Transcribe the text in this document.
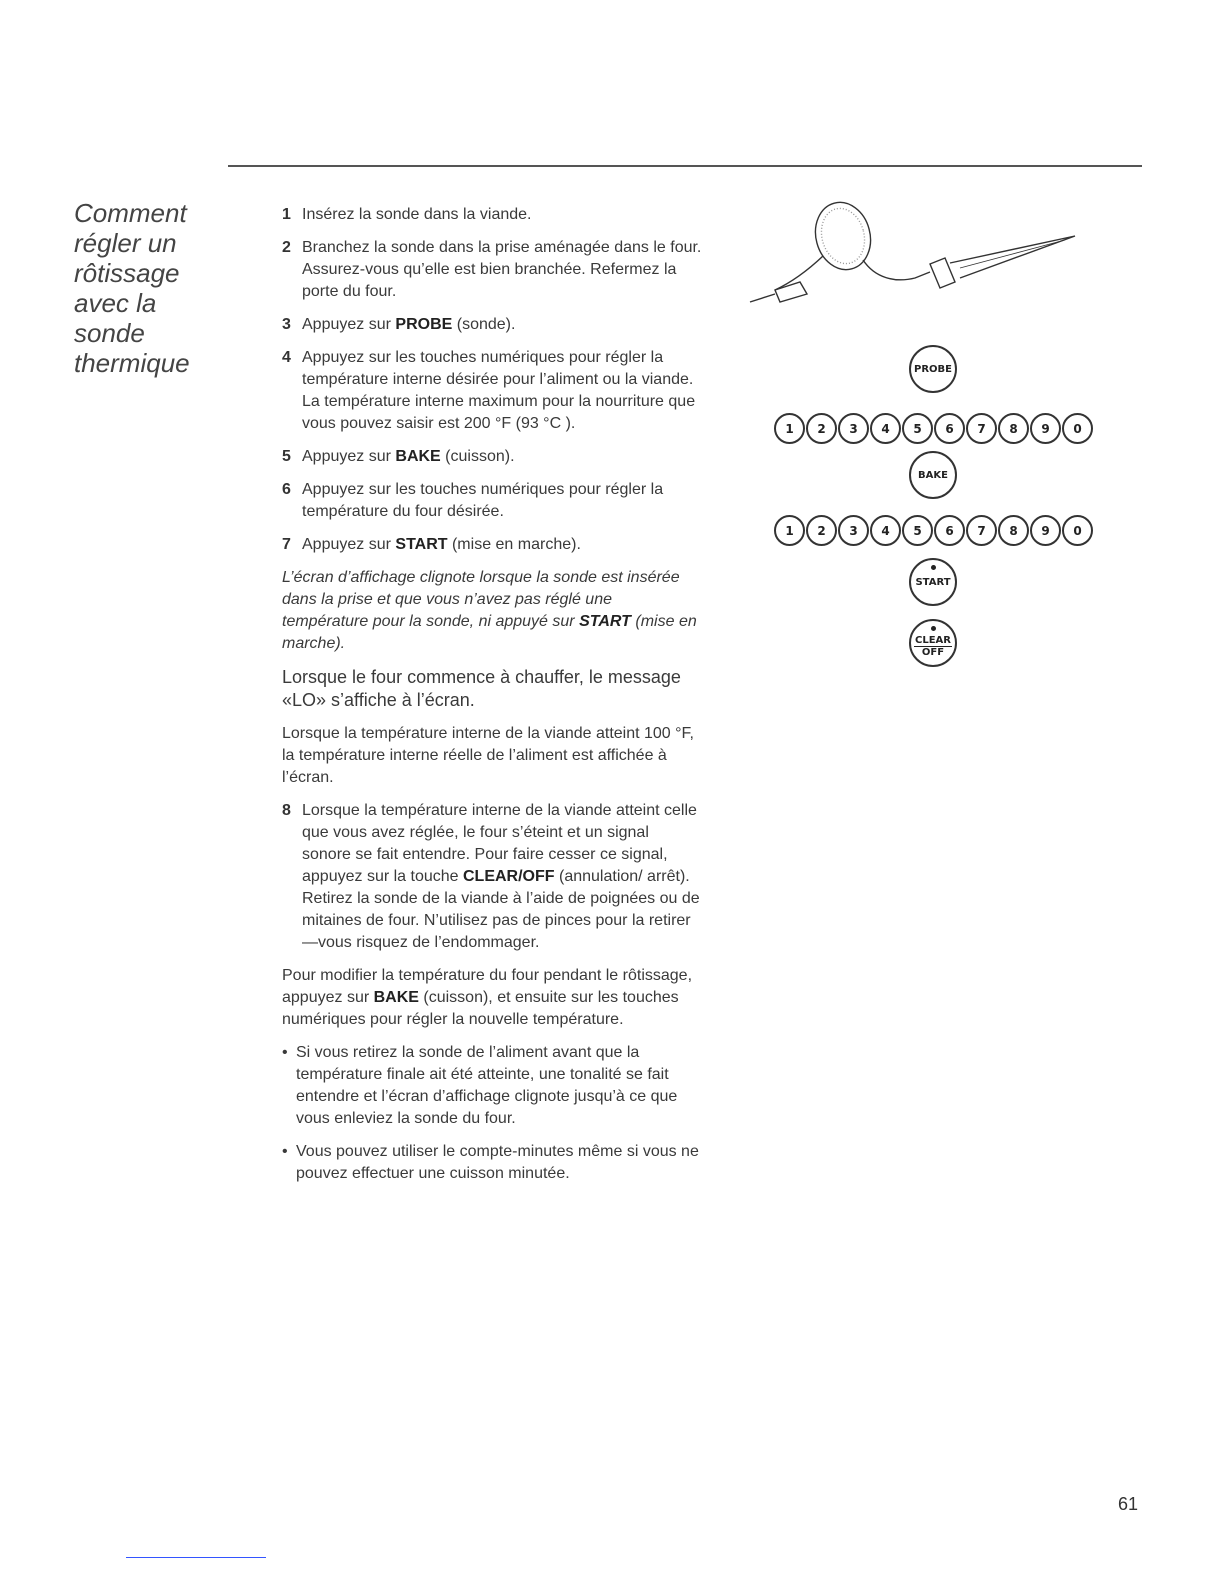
Comment
régler un
rôtissage
avec la sonde
thermique
1 Insérez la sonde dans la viande.
2 Branchez la sonde dans la prise aménagée dans le four. Assurez-vous qu’elle est bien branchée. Refermez la porte du four.
3 Appuyez sur PROBE (sonde).
4 Appuyez sur les touches numériques pour régler la température interne désirée pour l’aliment ou la viande. La température interne maximum pour la nourriture que vous pouvez saisir est 200 °F (93 °C ).
5 Appuyez sur BAKE (cuisson).
6 Appuyez sur les touches numériques pour régler la température du four désirée.
7 Appuyez sur START (mise en marche).

L’écran d’affichage clignote lorsque la sonde est insérée dans la prise et que vous n’avez pas réglé une température pour la sonde, ni appuyé sur START (mise en marche).

Lorsque le four commence à chauffer, le message «LO» s’affiche à l’écran.

Lorsque la température interne de la viande atteint 100 °F, la température interne réelle de l’aliment est affichée à l’écran.

8 Lorsque la température interne de la viande atteint celle que vous avez réglée, le four s’éteint et un signal sonore se fait entendre. Pour faire cesser ce signal, appuyez sur la touche CLEAR/OFF (annulation/ arrêt). Retirez la sonde de la viande à l’aide de poignées ou de mitaines de four. N’utilisez pas de pinces pour la retirer—vous risquez de l’endommager.

Pour modifier la température du four pendant le rôtissage, appuyez sur BAKE (cuisson), et ensuite sur les touches numériques pour régler la nouvelle température.

• Si vous retirez la sonde de l’aliment avant que la température finale ait été atteinte, une tonalité se fait entendre et l’écran d’affichage clignote jusqu’à ce que vous enleviez la sonde du four.
• Vous pouvez utiliser le compte-minutes même si vous ne pouvez effectuer une cuisson minutée.
PROBE
1	2	3	4	5	6	7	8	9	0
BAKE
1	2	3	4	5	6	7	8	9	0
START
CLEAR
OFF
61
